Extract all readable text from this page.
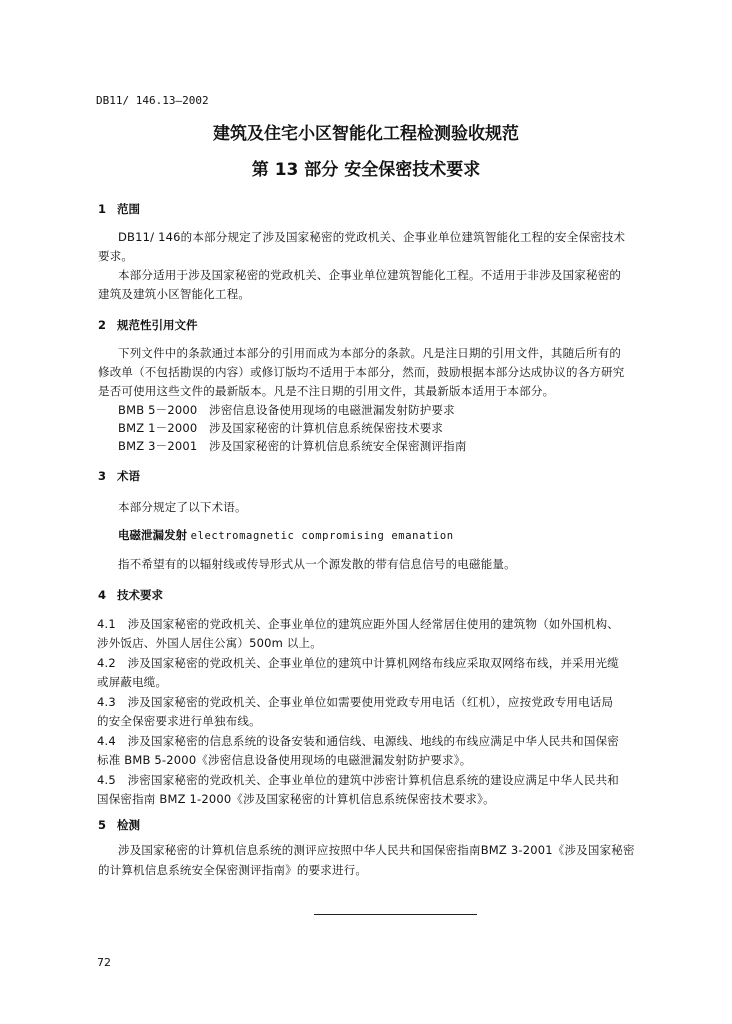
DB11/ 146.13—2002
建筑及住宅小区智能化工程检测验收规范
第 13 部分 安全保密技术要求
1 范围
DB11/ 146的本部分规定了涉及国家秘密的党政机关、企事业单位建筑智能化工程的安全保密技术
要求。
本部分适用于涉及国家秘密的党政机关、企事业单位建筑智能化工程。不适用于非涉及国家秘密的
建筑及建筑小区智能化工程。
2 规范性引用文件
下列文件中的条款通过本部分的引用而成为本部分的条款。凡是注日期的引用文件，其随后所有的
修改单（不包括勘误的内容）或修订版均不适用于本部分，然而，鼓励根据本部分达成协议的各方研究
是否可使用这些文件的最新版本。凡是不注日期的引用文件，其最新版本适用于本部分。
BMB 5－2000　涉密信息设备使用现场的电磁泄漏发射防护要求
BMZ 1－2000　涉及国家秘密的计算机信息系统保密技术要求
BMZ 3－2001　涉及国家秘密的计算机信息系统安全保密测评指南
3 术语
本部分规定了以下术语。
电磁泄漏发射 electromagnetic compromising emanation
指不希望有的以辐射线或传导形式从一个源发散的带有信息信号的电磁能量。
4 技术要求
4.1　涉及国家秘密的党政机关、企事业单位的建筑应距外国人经常居住使用的建筑物（如外国机构、
涉外饭店、外国人居住公寓）500m 以上。
4.2　涉及国家秘密的党政机关、企事业单位的建筑中计算机网络布线应采取双网络布线，并采用光缆
或屏蔽电缆。
4.3　涉及国家秘密的党政机关、企事业单位如需要使用党政专用电话（红机），应按党政专用电话局
的安全保密要求进行单独布线。
4.4　涉及国家秘密的信息系统的设备安装和通信线、电源线、地线的布线应满足中华人民共和国保密
标准 BMB 5-2000《涉密信息设备使用现场的电磁泄漏发射防护要求》。
4.5　涉密国家秘密的党政机关、企事业单位的建筑中涉密计算机信息系统的建设应满足中华人民共和
国保密指南 BMZ 1-2000《涉及国家秘密的计算机信息系统保密技术要求》。
5 检测
涉及国家秘密的计算机信息系统的测评应按照中华人民共和国保密指南BMZ 3-2001《涉及国家秘密
的计算机信息系统安全保密测评指南》的要求进行。
72
